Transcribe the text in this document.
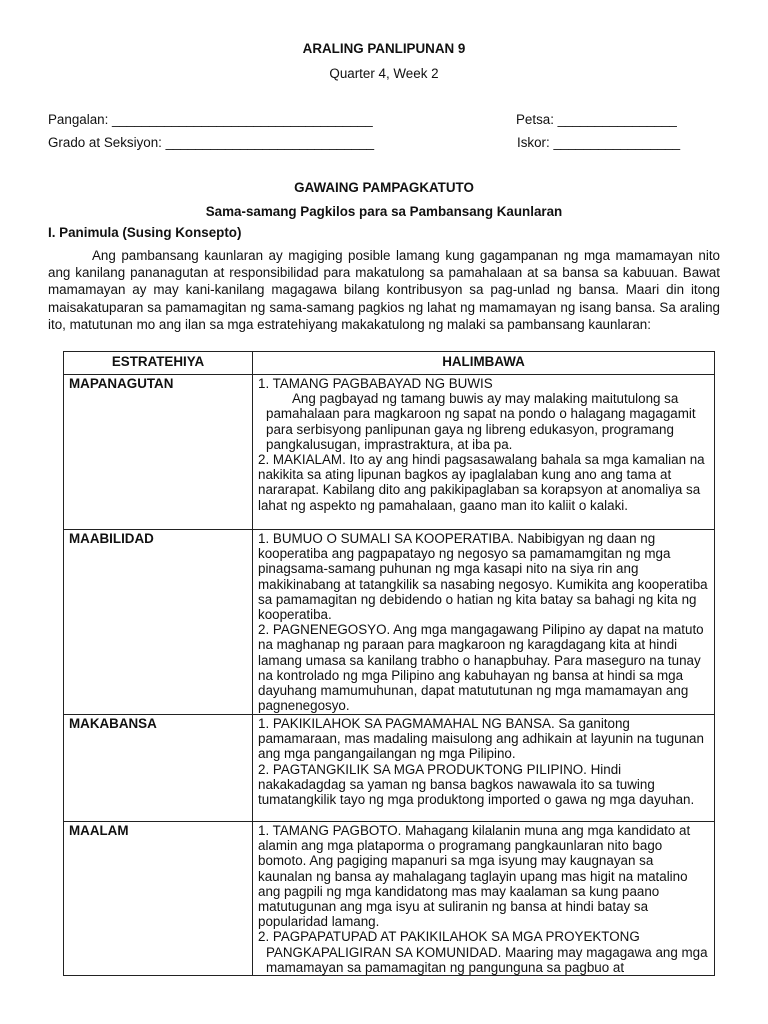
ARALING PANLIPUNAN 9
Quarter 4, Week 2
Pangalan: ___________________________________	Petsa: ________________
Grado at Seksiyon: ____________________________	Iskor: _________________
GAWAING PAMPAGKATUTO
Sama-samang Pagkilos para sa Pambansang Kaunlaran
I. Panimula (Susing Konsepto)
Ang pambansang kaunlaran ay magiging posible lamang kung gagampanan ng mga mamamayan nito ang kanilang pananagutan at responsibilidad para makatulong sa pamahalaan at sa bansa sa kabuuan. Bawat mamamayan ay may kani-kanilang magagawa bilang kontribusyon sa pag-unlad ng bansa. Maari din itong maisakatuparan sa pamamagitan ng sama-samang pagkios ng lahat ng mamamayan ng isang bansa. Sa araling ito, matutunan mo ang ilan sa mga estratehiyang makakatulong ng malaki sa pambansang kaunlaran:
ESTRATEHIYA	HALIMBAWA
MAPANAGUTAN	1. TAMANG PAGBABAYAD NG BUWIS
Ang pagbayad ng tamang buwis ay may malaking maitutulong sa pamahalaan para magkaroon ng sapat na pondo o halagang magagamit para serbisyong panlipunan gaya ng libreng edukasyon, programang pangkalusugan, imprastraktura, at iba pa.
2. MAKIALAM. Ito ay ang hindi pagsasawalang bahala sa mga kamalian na nakikita sa ating lipunan bagkos ay ipaglalaban kung ano ang tama at nararapat. Kabilang dito ang pakikipaglaban sa korapsyon at anomaliya sa lahat ng aspekto ng pamahalaan, gaano man ito kaliit o kalaki.

MAABILIDAD	1. BUMUO O SUMALI SA KOOPERATIBA. Nabibigyan ng daan ng kooperatiba ang pagpapatayo ng negosyo sa pamamamgitan ng mga pinagsama-samang puhunan ng mga kasapi nito na siya rin ang makikinabang at tatangkilik sa nasabing negosyo. Kumikita ang kooperatiba sa pamamagitan ng debidendo o hatian ng kita batay sa bahagi ng kita ng kooperatiba.
2. PAGNENEGOSYO. Ang mga mangagawang Pilipino ay dapat na matuto na maghanap ng paraan para magkaroon ng karagdagang kita at hindi lamang umasa sa kanilang trabho o hanapbuhay. Para maseguro na tunay na kontrolado ng mga Pilipino ang kabuhayan ng bansa at hindi sa mga dayuhang mamumuhunan, dapat matututunan ng mga mamamayan ang pagnenegosyo.

MAKABANSA	1. PAKIKILAHOK SA PAGMAMAHAL NG BANSA. Sa ganitong pamamaraan, mas madaling maisulong ang adhikain at layunin na tugunan ang mga pangangailangan ng mga Pilipino.
2. PAGTANGKILIK SA MGA PRODUKTONG PILIPINO. Hindi nakakadagdag sa yaman ng bansa bagkos nawawala ito sa tuwing tumatangkilik tayo ng mga produktong imported o gawa ng mga dayuhan.

MAALAM	1. TAMANG PAGBOTO. Mahagang kilalanin muna ang mga kandidato at alamin ang mga plataporma o programang pangkaunlaran nito bago bomoto. Ang pagiging mapanuri sa mga isyung may kaugnayan sa kaunalan ng bansa ay mahalagang taglayin upang mas higit na matalino ang pagpili ng mga kandidatong mas may kaalaman sa kung paano matutugunan ang mga isyu at suliranin ng bansa at hindi batay sa popularidad lamang.
2. PAGPAPATUPAD AT PAKIKILAHOK SA MGA PROYEKTONG
PANGKAPALIGIRAN SA KOMUNIDAD. Maaring may magagawa ang mga mamamayan sa pamamagitan ng pangunguna sa pagbuo at
